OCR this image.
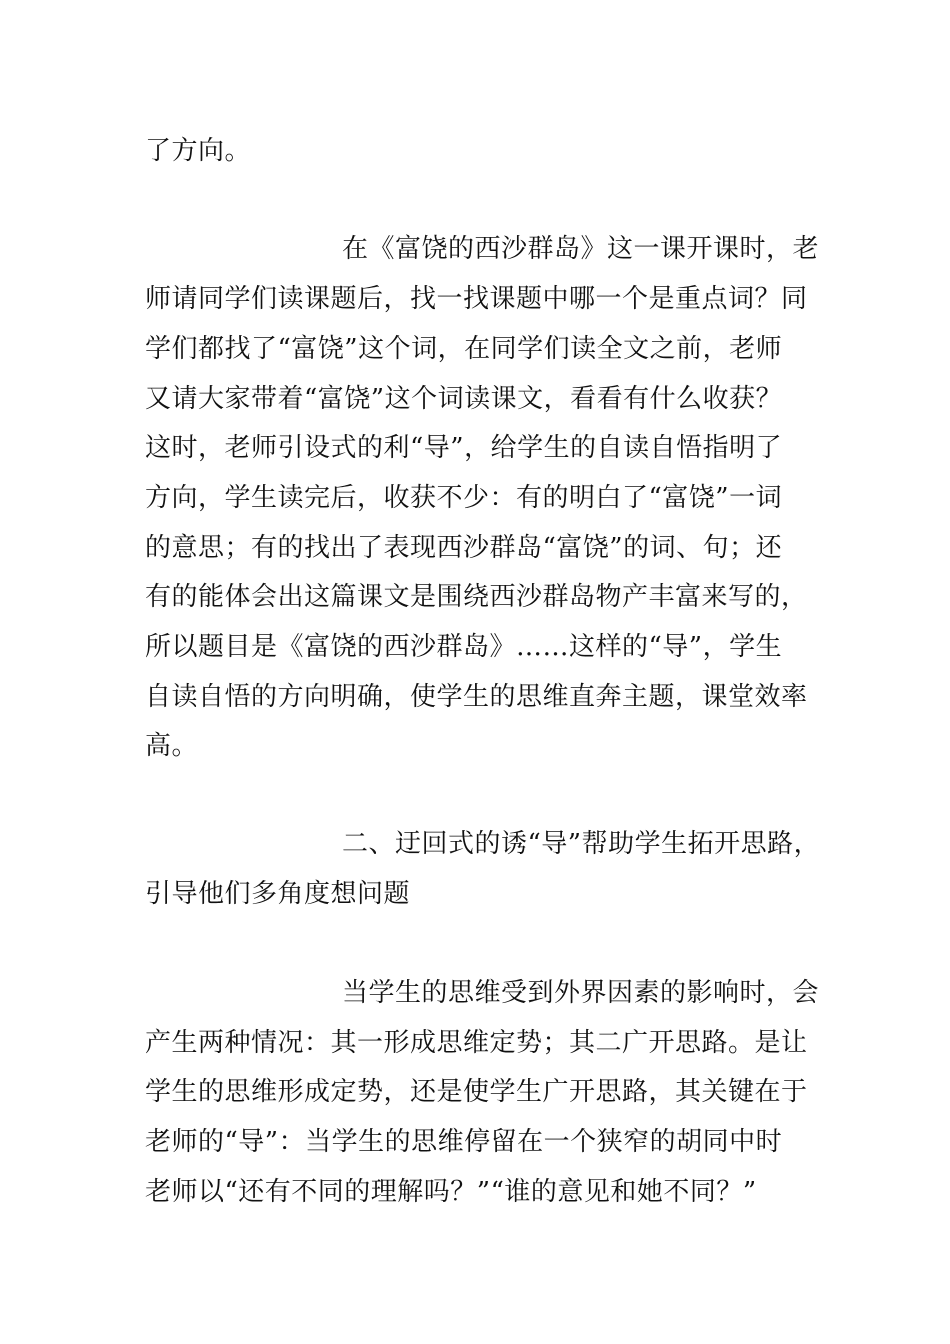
了方向。
在《富饶的西沙群岛》这一课开课时，老
师请同学们读课题后，找一找课题中哪一个是重点词？同
学们都找了“富饶”这个词，在同学们读全文之前，老师
又请大家带着“富饶”这个词读课文，看看有什么收获？
这时，老师引设式的利“导”，给学生的自读自悟指明了
方向，学生读完后，收获不少：有的明白了“富饶”一词
的意思；有的找出了表现西沙群岛“富饶”的词、句；还
有的能体会出这篇课文是围绕西沙群岛物产丰富来写的，
所以题目是《富饶的西沙群岛》……这样的“导”，学生
自读自悟的方向明确，使学生的思维直奔主题，课堂效率
高。
二、迂回式的诱“导”帮助学生拓开思路，
引导他们多角度想问题
当学生的思维受到外界因素的影响时，会
产生两种情况：其一形成思维定势；其二广开思路。是让
学生的思维形成定势，还是使学生广开思路，其关键在于
老师的“导”：当学生的思维停留在一个狭窄的胡同中时
老师以“还有不同的理解吗？”“谁的意见和她不同？”
